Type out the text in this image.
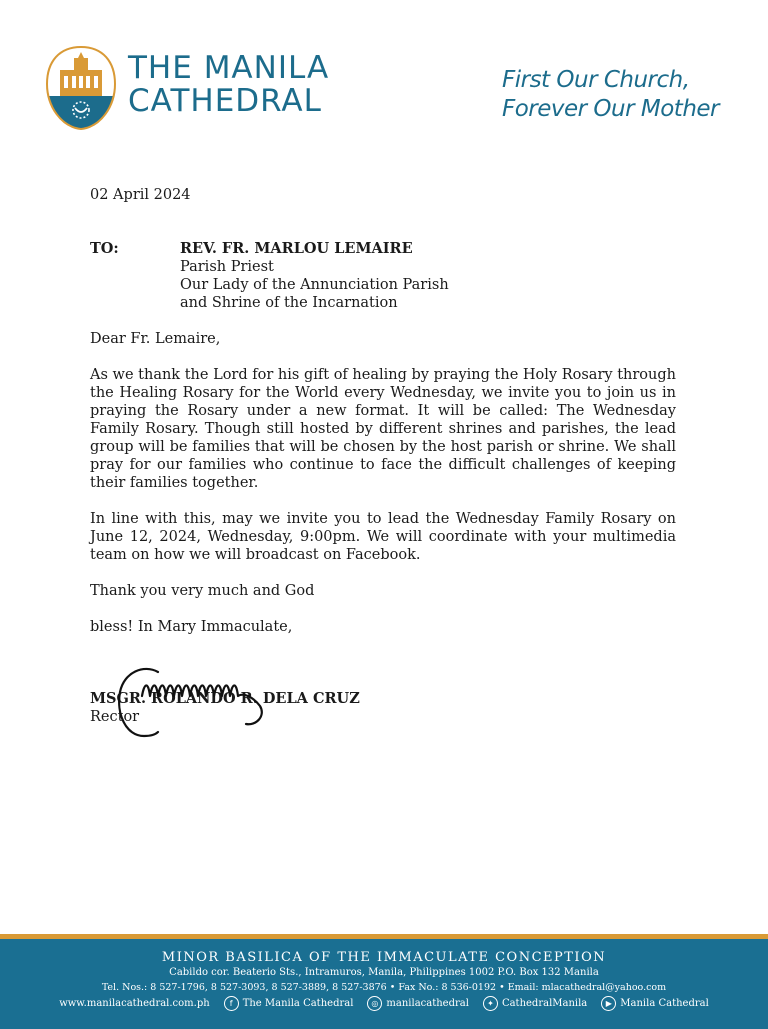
THE MANILA
CATHEDRAL
First Our Church,
Forever Our Mother

02 April 2024

TO:	REV. FR. MARLOU LEMAIRE
Parish Priest
Our Lady of the Annunciation Parish
and Shrine of the Incarnation

Dear Fr. Lemaire,

As we thank the Lord for his gift of healing by praying the Holy Rosary through the Healing Rosary for the World every Wednesday, we invite you to join us in praying the Rosary under a new format. It will be called: The Wednesday Family Rosary. Though still hosted by different shrines and parishes, the lead group will be families that will be chosen by the host parish or shrine. We shall pray for our families who continue to face the difficult challenges of keeping their families together.

In line with this, may we invite you to lead the Wednesday Family Rosary on June 12, 2024, Wednesday, 9:00pm. We will coordinate with your multimedia team on how we will broadcast on Facebook.

Thank you very much and God

bless! In Mary Immaculate,

MSGR. ROLANDO R. DELA CRUZ
Rector
MINOR BASILICA OF THE IMMACULATE CONCEPTION
Cabildo cor. Beaterio Sts., Intramuros, Manila, Philippines 1002 P.O. Box 132 Manila
Tel. Nos.: 8 527-1796, 8 527-3093, 8 527-3889, 8 527-3876 • Fax No.: 8 536-0192 • Email: mlacathedral@yahoo.com
www.manilacathedral.com.ph	f	The Manila Cathedral	◎ manilacathedral	✦ CathedralManila	▶ Manila Cathedral
